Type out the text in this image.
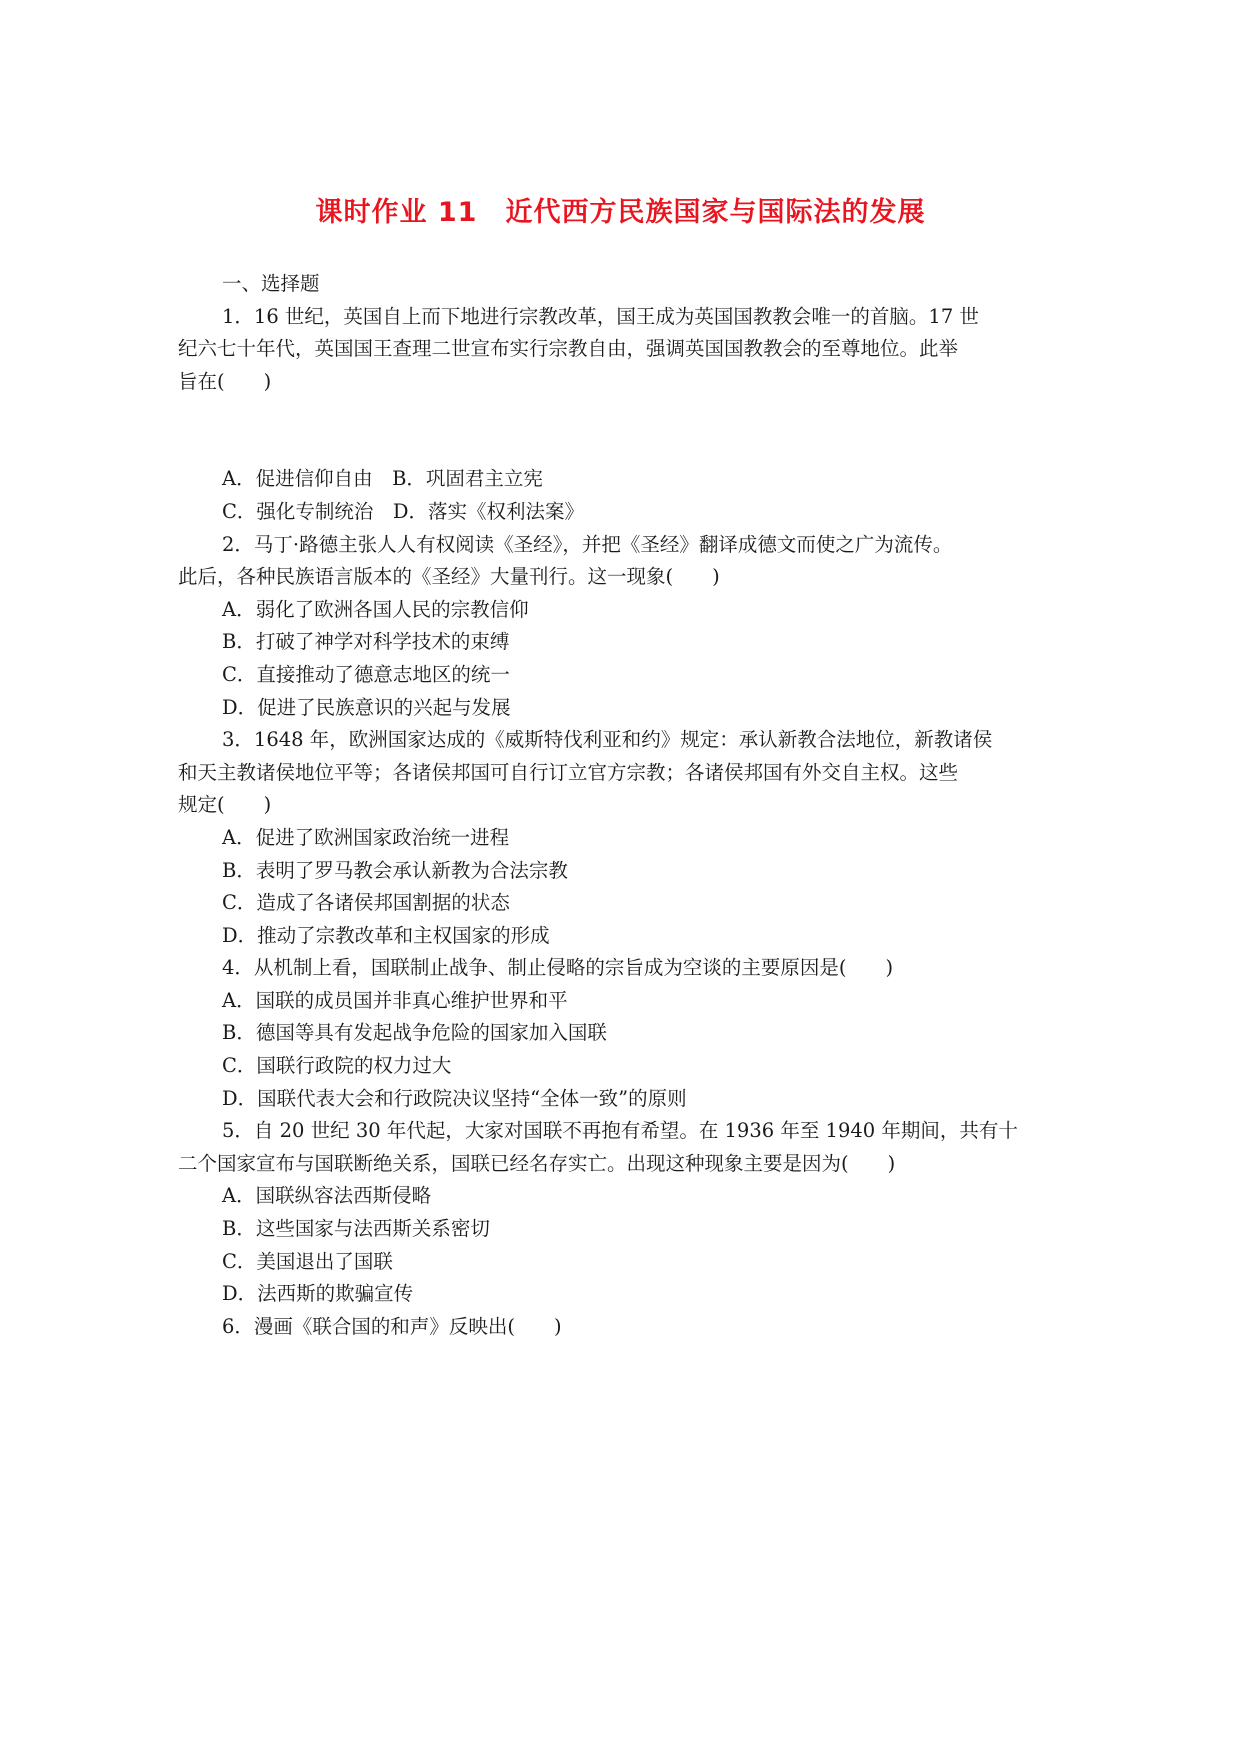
课时作业 11　近代西方民族国家与国际法的发展
一、选择题
1．16 世纪，英国自上而下地进行宗教改革，国王成为英国国教教会唯一的首脑。17 世
纪六七十年代，英国国王查理二世宣布实行宗教自由，强调英国国教教会的至尊地位。此举
旨在(　　)
A．促进信仰自由　B．巩固君主立宪
C．强化专制统治　D．落实《权利法案》
2．马丁·路德主张人人有权阅读《圣经》，并把《圣经》翻译成德文而使之广为流传。
此后，各种民族语言版本的《圣经》大量刊行。这一现象(　　)
A．弱化了欧洲各国人民的宗教信仰
B．打破了神学对科学技术的束缚
C．直接推动了德意志地区的统一
D．促进了民族意识的兴起与发展
3．1648 年，欧洲国家达成的《威斯特伐利亚和约》规定：承认新教合法地位，新教诸侯
和天主教诸侯地位平等；各诸侯邦国可自行订立官方宗教；各诸侯邦国有外交自主权。这些
规定(　　)
A．促进了欧洲国家政治统一进程
B．表明了罗马教会承认新教为合法宗教
C．造成了各诸侯邦国割据的状态
D．推动了宗教改革和主权国家的形成
4．从机制上看，国联制止战争、制止侵略的宗旨成为空谈的主要原因是(　　)
A．国联的成员国并非真心维护世界和平
B．德国等具有发起战争危险的国家加入国联
C．国联行政院的权力过大
D．国联代表大会和行政院决议坚持“全体一致”的原则
5．自 20 世纪 30 年代起，大家对国联不再抱有希望。在 1936 年至 1940 年期间，共有十
二个国家宣布与国联断绝关系，国联已经名存实亡。出现这种现象主要是因为(　　)
A．国联纵容法西斯侵略
B．这些国家与法西斯关系密切
C．美国退出了国联
D．法西斯的欺骗宣传
6．漫画《联合国的和声》反映出(　　)
